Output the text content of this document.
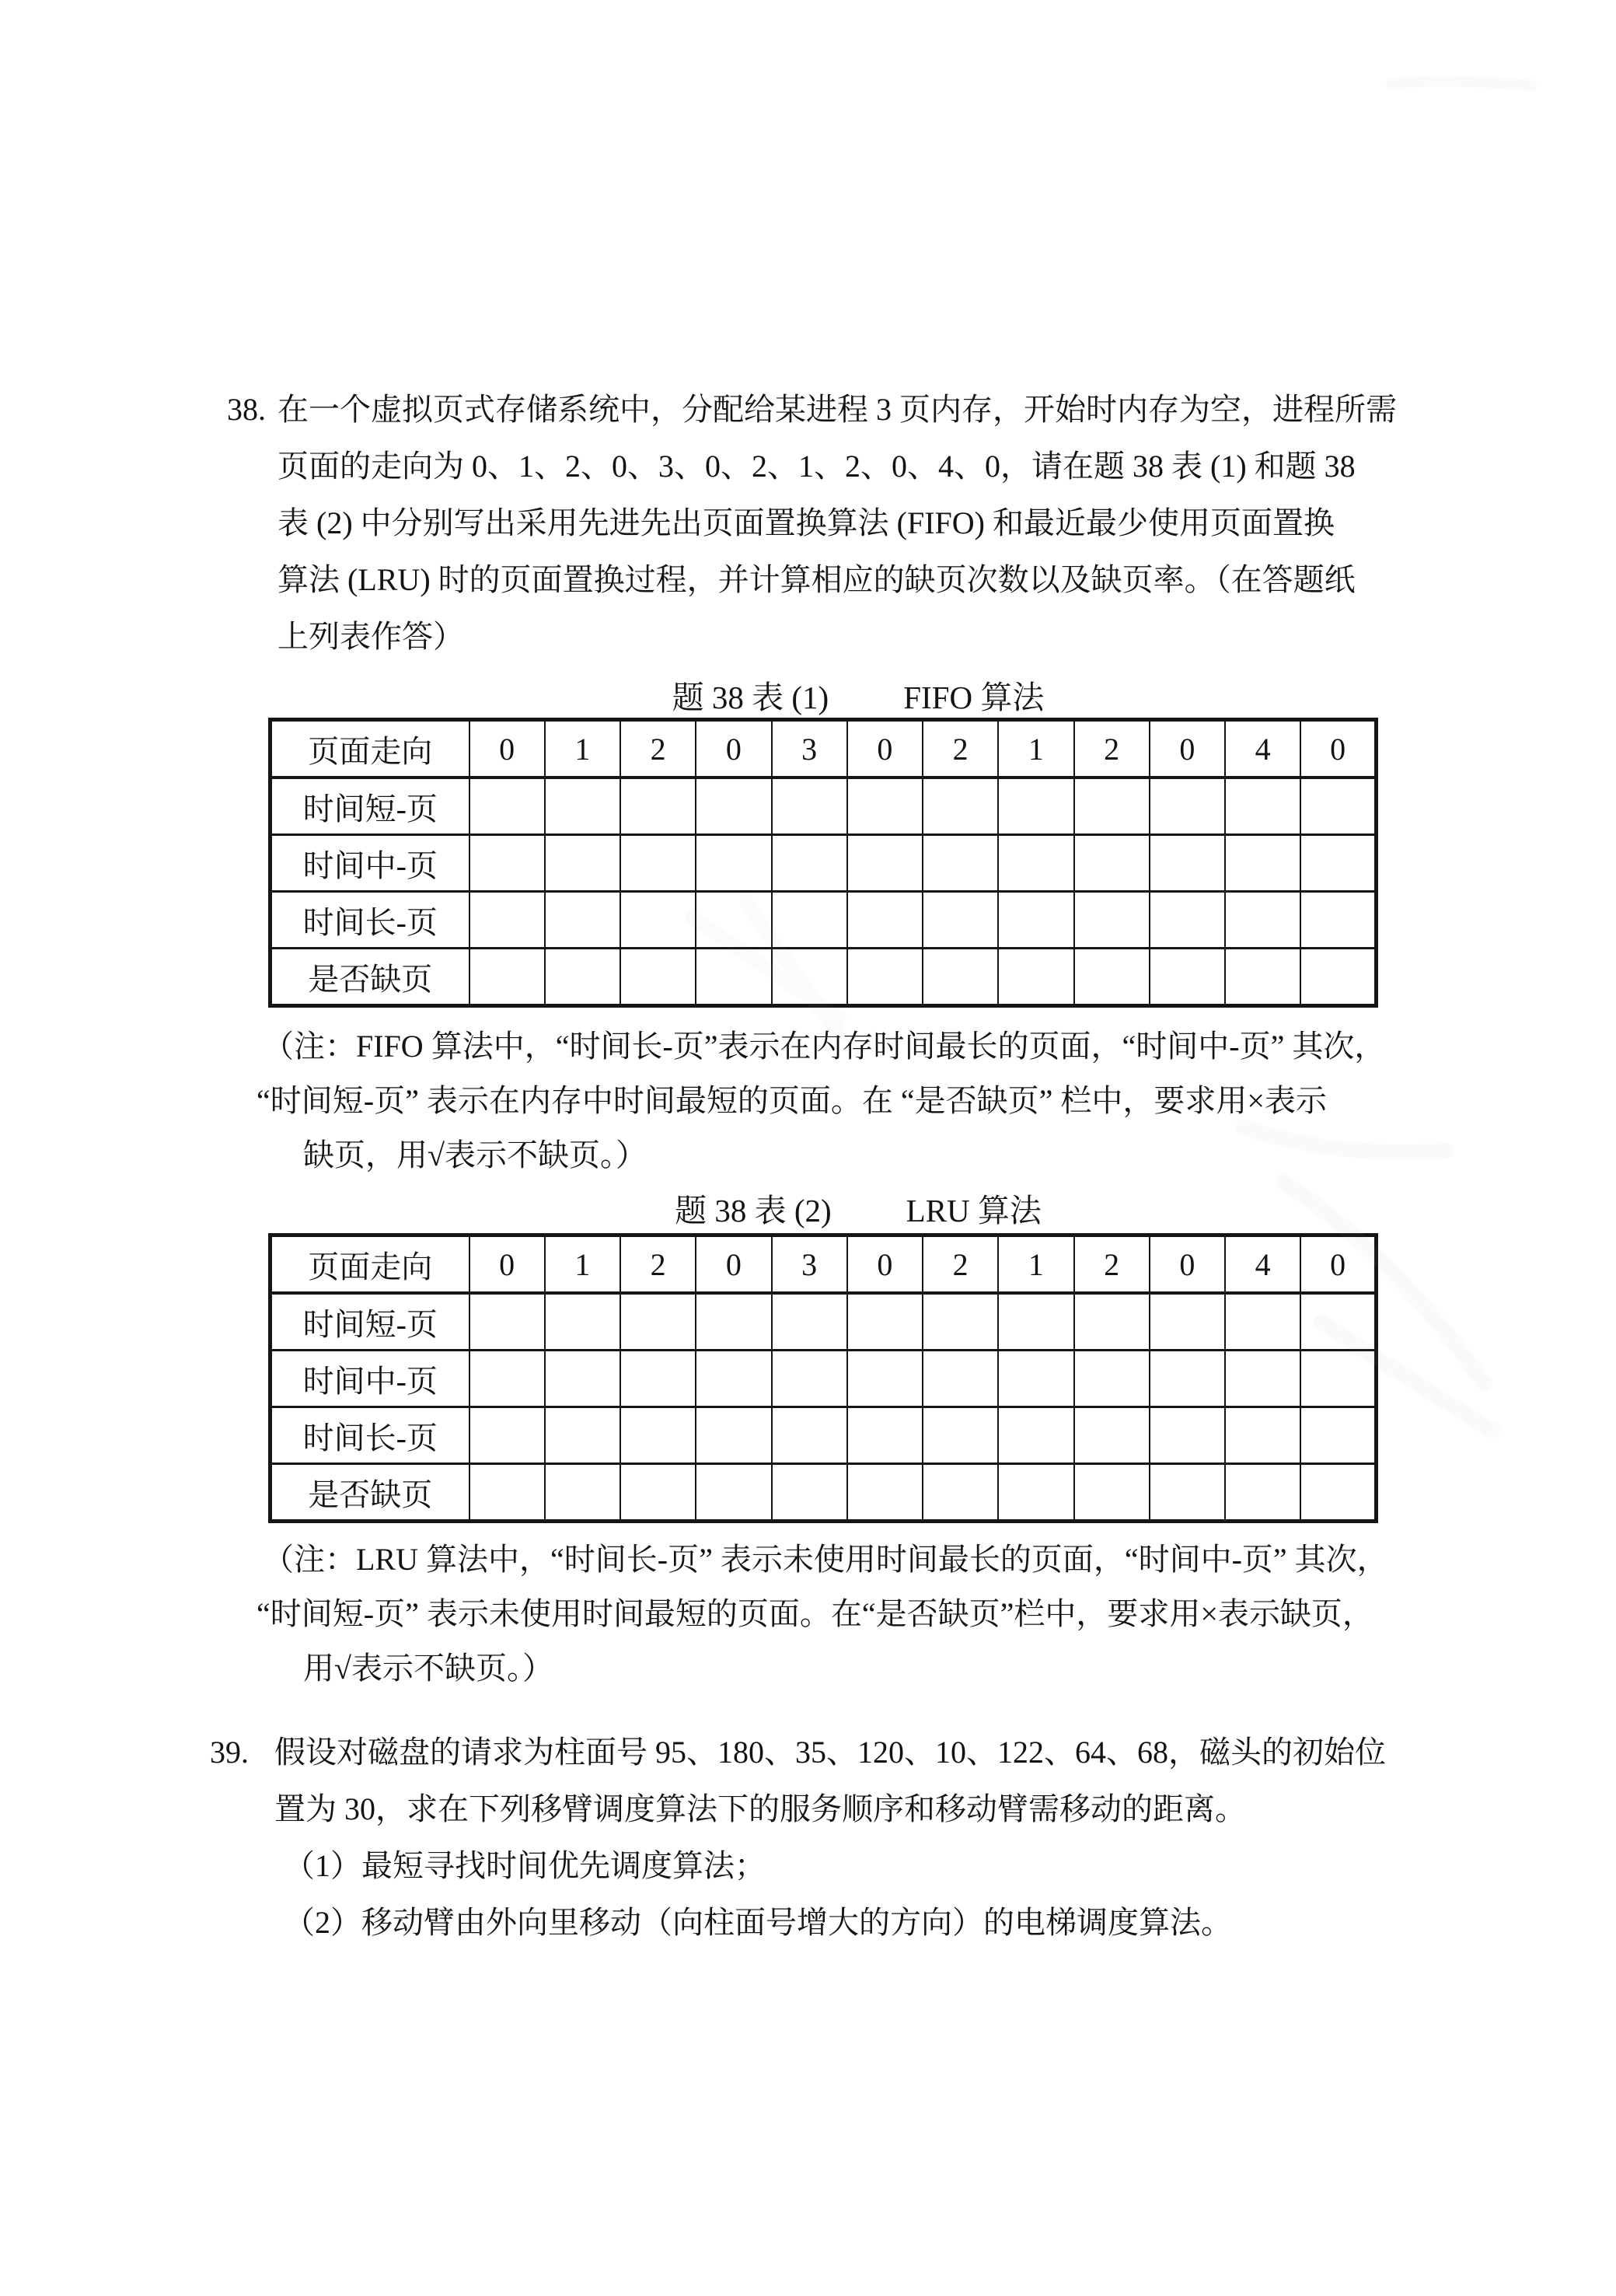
38. 在一个虚拟页式存储系统中，分配给某进程 3 页内存，开始时内存为空，进程所需
页面的走向为 0、1、2、0、3、0、2、1、2、0、4、0，请在题 38 表 (1) 和题 38
表 (2) 中分别写出采用先进先出页面置换算法 (FIFO) 和最近最少使用页面置换
算法 (LRU) 时的页面置换过程，并计算相应的缺页次数以及缺页率。（在答题纸
上列表作答）
题 38 表 (1) FIFO 算法
页面走向	0	1	2	0	3	0	2	1	2	0	4	0
时间短-页												
时间中-页												
时间长-页												
是否缺页												
（注：FIFO 算法中，“时间长-页”表示在内存时间最长的页面，“时间中-页” 其次，
“时间短-页” 表示在内存中时间最短的页面。在 “是否缺页” 栏中，要求用×表示
缺页，用√表示不缺页。）
题 38 表 (2) LRU 算法
页面走向	0	1	2	0	3	0	2	1	2	0	4	0
时间短-页												
时间中-页												
时间长-页												
是否缺页												
（注：LRU 算法中，“时间长-页” 表示未使用时间最长的页面，“时间中-页” 其次，
“时间短-页” 表示未使用时间最短的页面。在“是否缺页”栏中，要求用×表示缺页，
用√表示不缺页。）
39. 假设对磁盘的请求为柱面号 95、180、35、120、10、122、64、68，磁头的初始位
置为 30，求在下列移臂调度算法下的服务顺序和移动臂需移动的距离。
（1）最短寻找时间优先调度算法；
（2）移动臂由外向里移动（向柱面号增大的方向）的电梯调度算法。
